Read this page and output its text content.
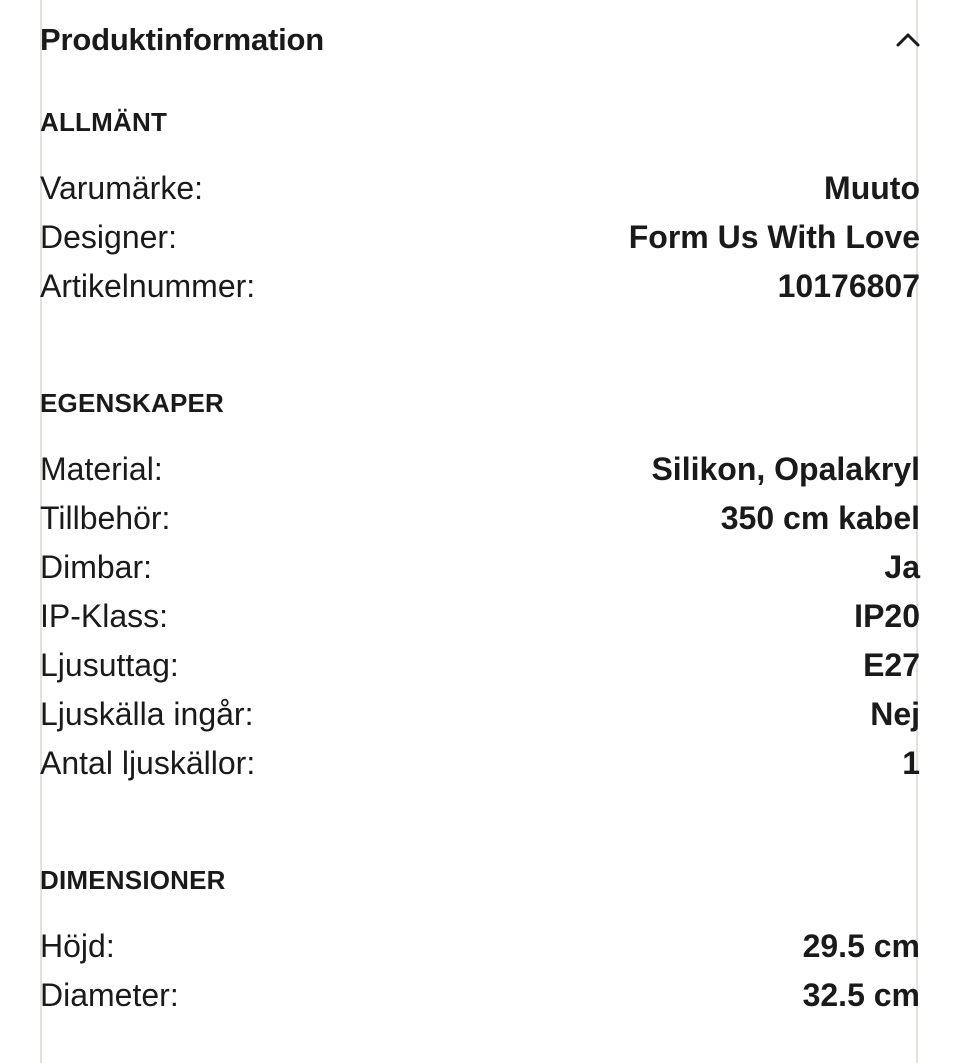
Produktinformation
ALLMÄNT
Varumärke:	Muuto
Designer:	Form Us With Love
Artikelnummer:	10176807
EGENSKAPER
Material:	Silikon, Opalakryl
Tillbehör:	350 cm kabel
Dimbar:	Ja
IP-Klass:	IP20
Ljusuttag:	E27
Ljuskälla ingår:	Nej
Antal ljuskällor:	1
DIMENSIONER
Höjd:	29.5 cm
Diameter:	32.5 cm
